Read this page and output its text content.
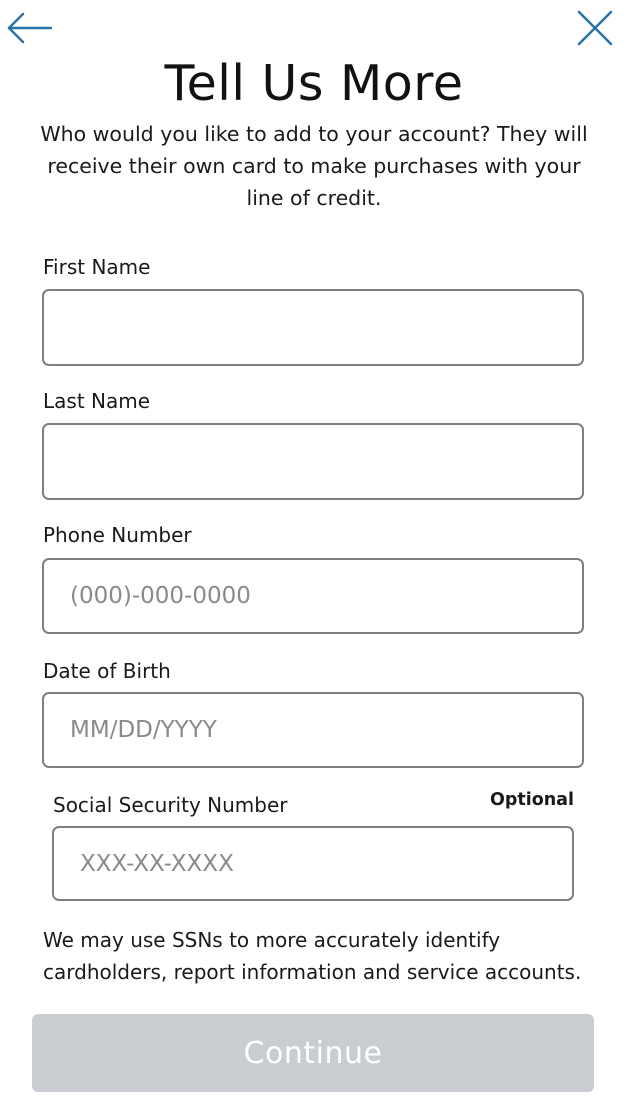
Tell Us More

Who would you like to add to your account? They will receive their own card to make purchases with your line of credit.

First Name
Last Name
Phone Number
(000)-000-0000
Date of Birth
MM/DD/YYYY
Social Security Number	Optional
XXX-XX-XXXX

We may use SSNs to more accurately identify cardholders, report information and service accounts.

Continue
